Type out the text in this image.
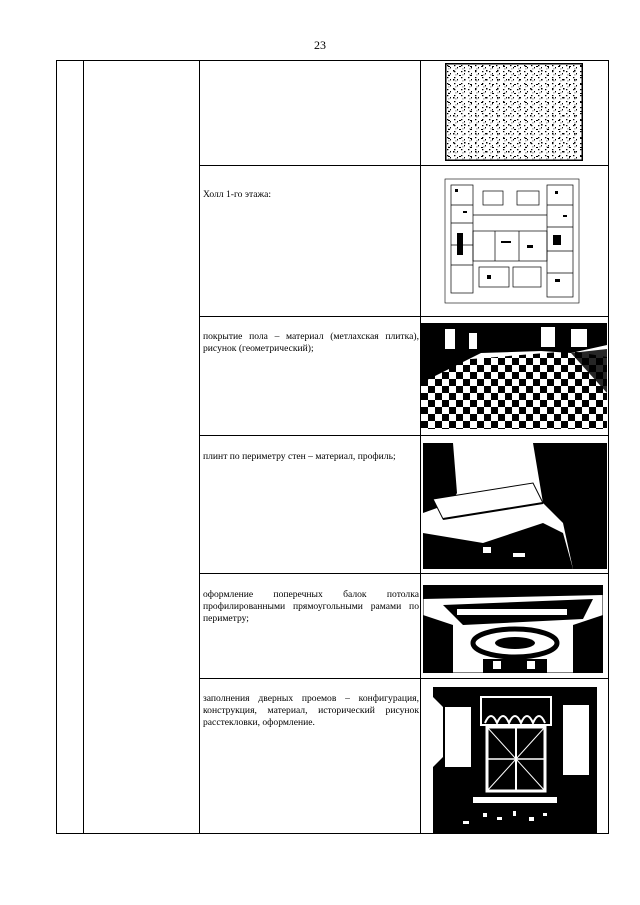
23
Холл 1-го этажа:
покрытие пола – материал (метлахская плитка), рисунок (геометрический);
плинт по периметру стен – материал, профиль;
оформление поперечных балок потолка профилированными прямоугольными рамами по периметру;
заполнения дверных проемов – конфигурация, конструкция, материал, исторический рисунок расстекловки, оформление.
